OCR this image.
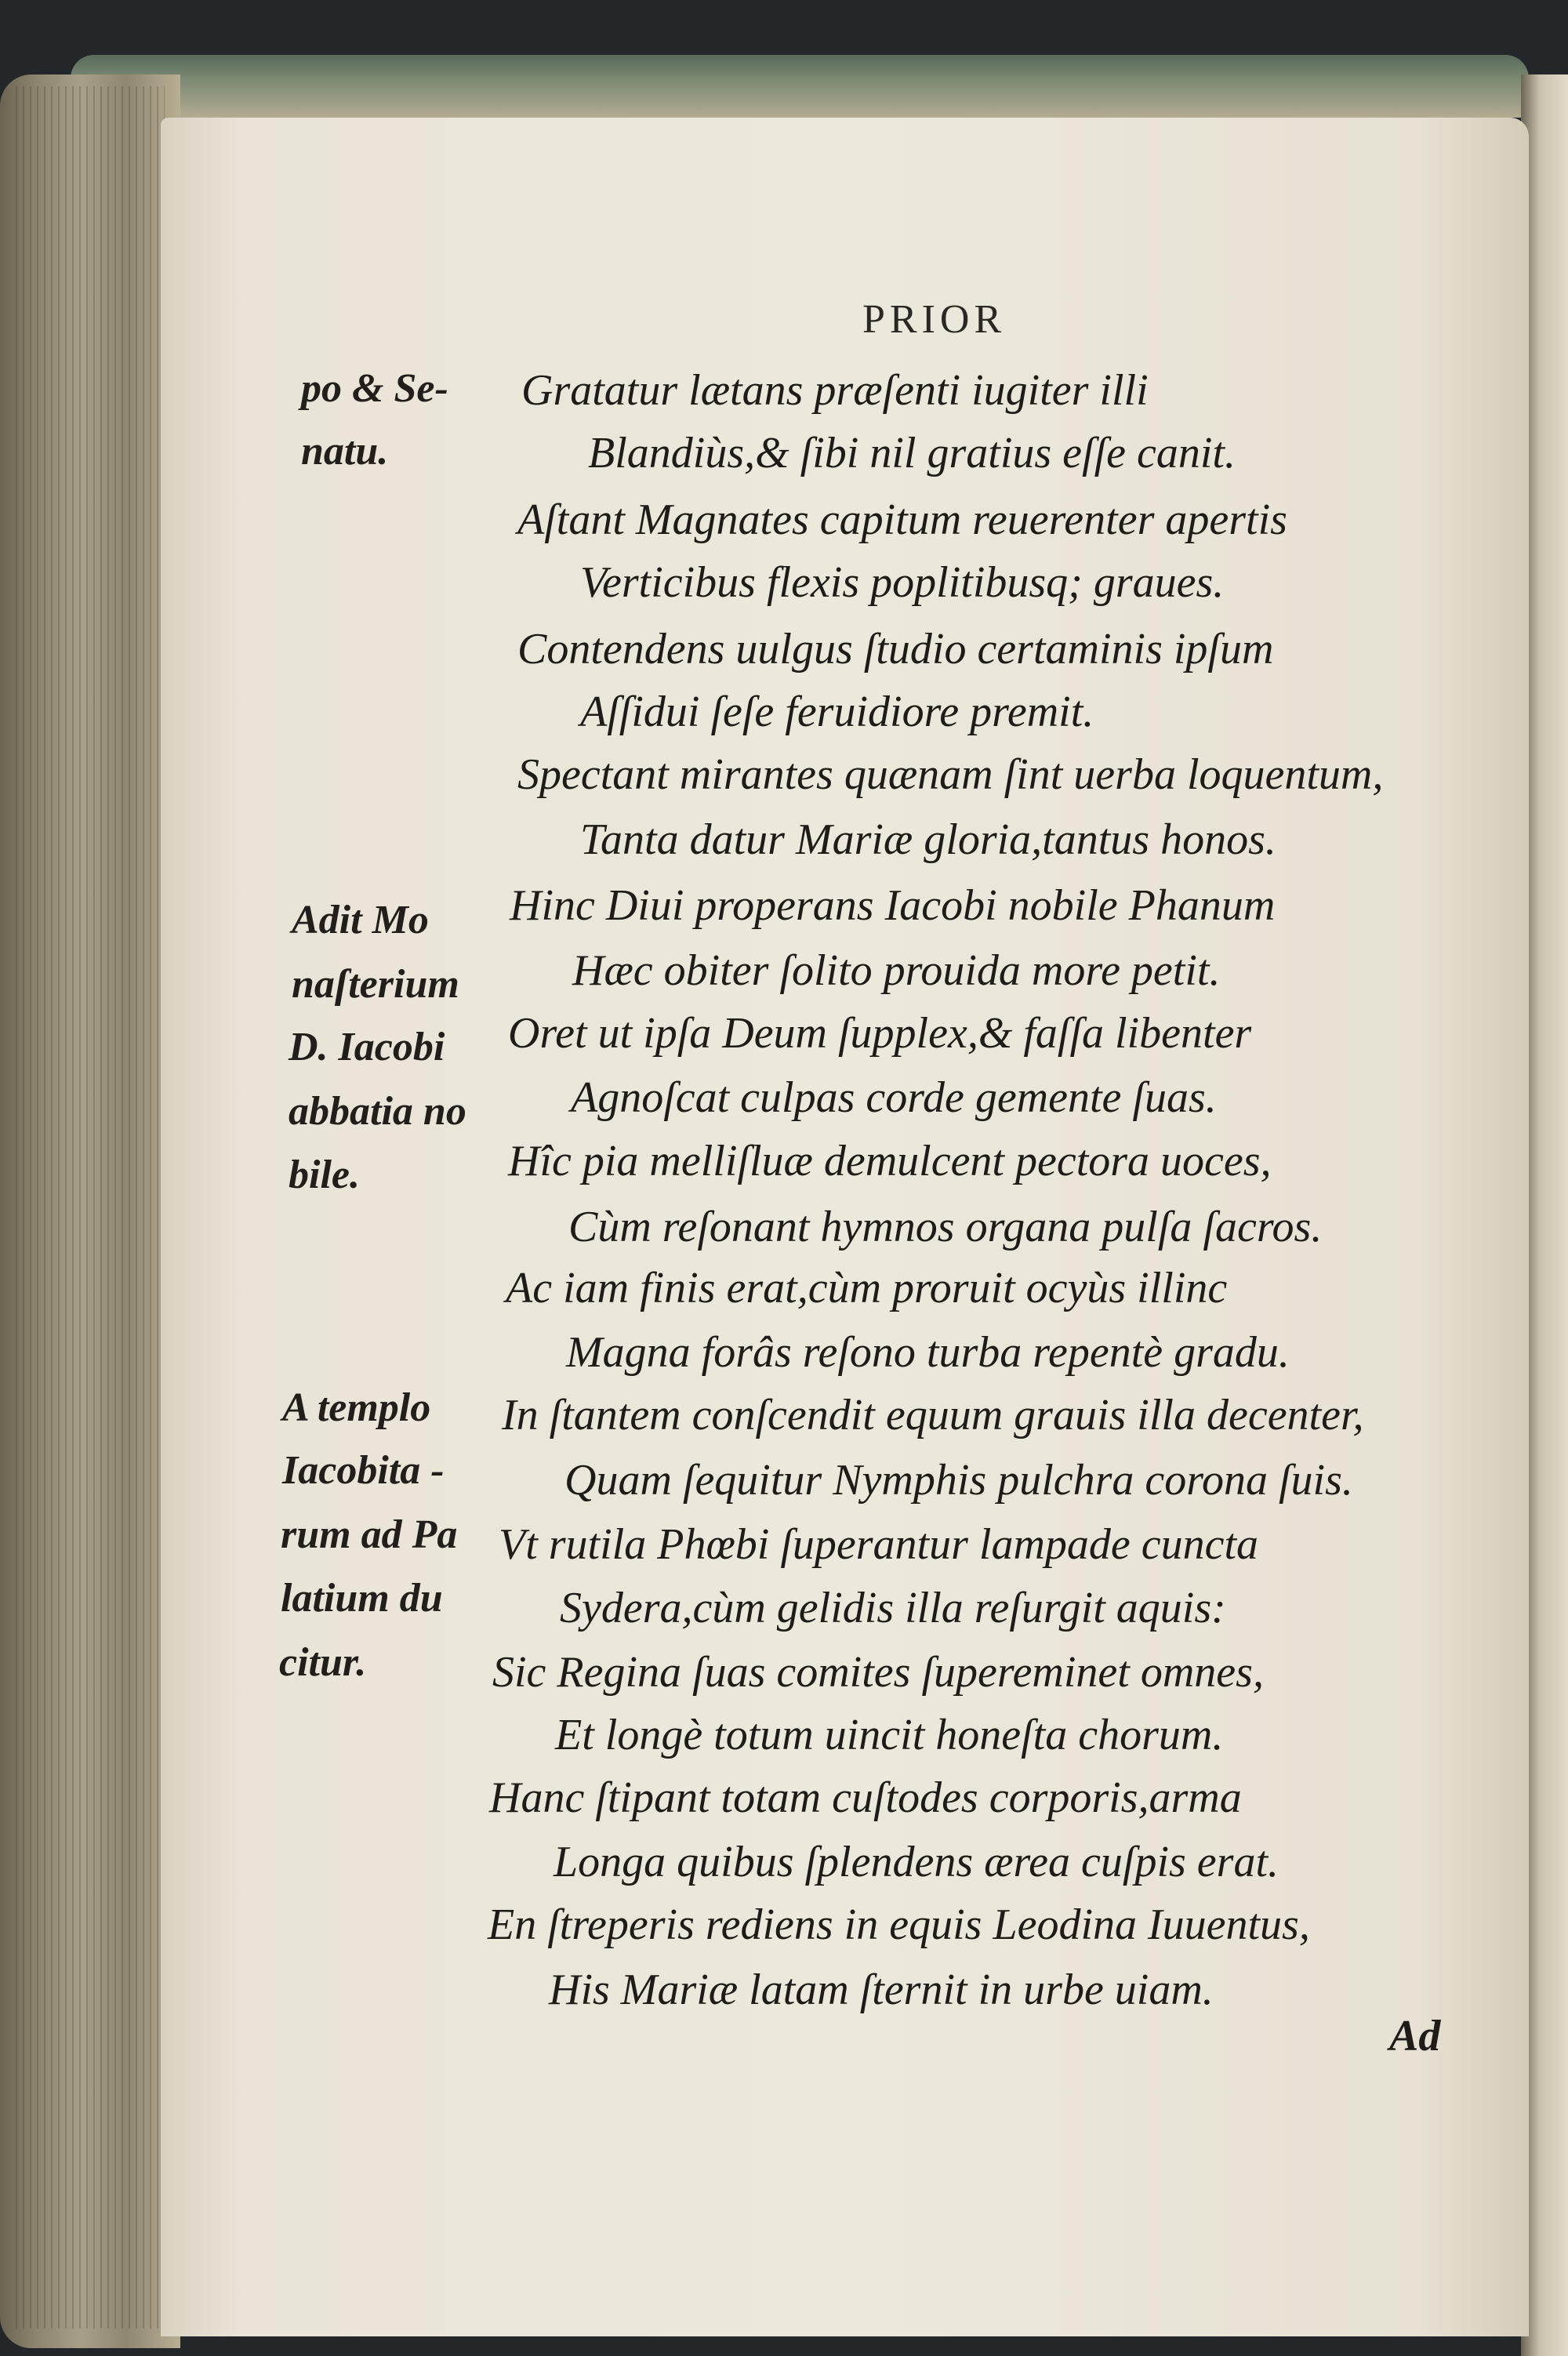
PRIOR
Gratatur lætans præſenti iugiter illi
Blandiùs,& ſibi nil gratius eſſe canit.
Aſtant Magnates capitum reuerenter apertis
Verticibus flexis poplitibusq; graues.
Contendens uulgus ſtudio certaminis ipſum
Aſſidui ſeſe feruidiore premit.
Spectant mirantes quænam ſint uerba loquentum,
Tanta datur Mariæ gloria,tantus honos.
Hinc Diui properans Iacobi nobile Phanum
Hæc obiter ſolito prouida more petit.
Oret ut ipſa Deum ſupplex,& faſſa libenter
Agnoſcat culpas corde gemente ſuas.
Hîc pia melliſluæ demulcent pectora uoces,
Cùm reſonant hymnos organa pulſa ſacros.
Ac iam finis erat,cùm proruit ocyùs illinc
Magna forâs reſono turba repentè gradu.
In ſtantem conſcendit equum grauis illa decenter,
Quam ſequitur Nymphis pulchra corona ſuis.
Vt rutila Phœbi ſuperantur lampade cuncta
Sydera,cùm gelidis illa reſurgit aquis:
Sic Regina ſuas comites ſupereminet omnes,
Et longè totum uincit honeſta chorum.
Hanc ſtipant totam cuſtodes corporis,arma
Longa quibus ſplendens ærea cuſpis erat.
En ſtreperis rediens in equis Leodina Iuuentus,
His Mariæ latam ſternit in urbe uiam.
po & Se-
natu.
Adit Mo
naſterium
D. Iacobi
abbatia no
bile.
A templo
Iacobita -
rum ad Pa
latium du
citur.
Ad
